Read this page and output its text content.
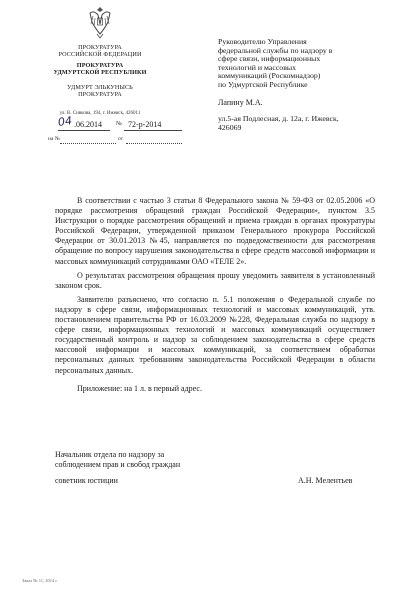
ПРОКУРАТУРА
РОССИЙСКОЙ ФЕДЕРАЦИИ
ПРОКУРАТУРА
УДМУРТСКОЙ РЕСПУБЛИКИ
УДМУРТ ЭЛЬКУНЫСЬ
ПРОКУРАТУРА
ул. В. Сивкова, 194, г. Ижевск, 426011
04 .06.2014 № 72-р-2014
на №	от
Руководителю Управления
федеральной службы по надзору в
сфере связи, информационных
технологий и массовых
коммуникаций (Роскомнадзор)
по Удмуртской Республике
Лапину М.А.
ул.5-ая Подлесная, д. 12а, г. Ижевск,
426069

В соответствии с частью 3 статьи 8 Федерального закона № 59-ФЗ от 02.05.2006 «О порядке рассмотрения обращений граждан Российской Федерации», пунктом 3.5 Инструкции о порядке рассмотрения обращений и приема граждан в органах прокуратуры Российской Федерации, утвержденной приказом Генерального прокурора Российской Федерации от 30.01.2013 №45, направляется по подведомственности для рассмотрения обращение по вопросу нарушения законодательства в сфере средств массовой информации и массовых коммуникаций сотрудниками ОАО «ТЕЛЕ 2».

О результатах рассмотрения обращения прошу уведомить заявителя в установленный законом срок.

Заявителю разъяснено, что согласно п. 5.1 положения о Федеральной службе по надзору в сфере связи, информационных технологий и массовых коммуникаций, утв. постановлением правительства РФ от 16.03.2009 №228, Федеральная служба по надзору в сфере связи, информационных технологий и массовых коммуникаций осуществляет государственный контроль и надзор за соблюдением законодательства в сфере средств массовой информации и массовых коммуникаций, за соответствием обработки персональных данных требованиям законодательства Российской Федерации в области персональных данных.

Приложение: на 1 л. в первый адрес.

Начальник отдела по надзору за
соблюдением прав и свобод граждан
советник юстиции	А.Н. Мелентьев
Заказ № 11, 2014 г.
